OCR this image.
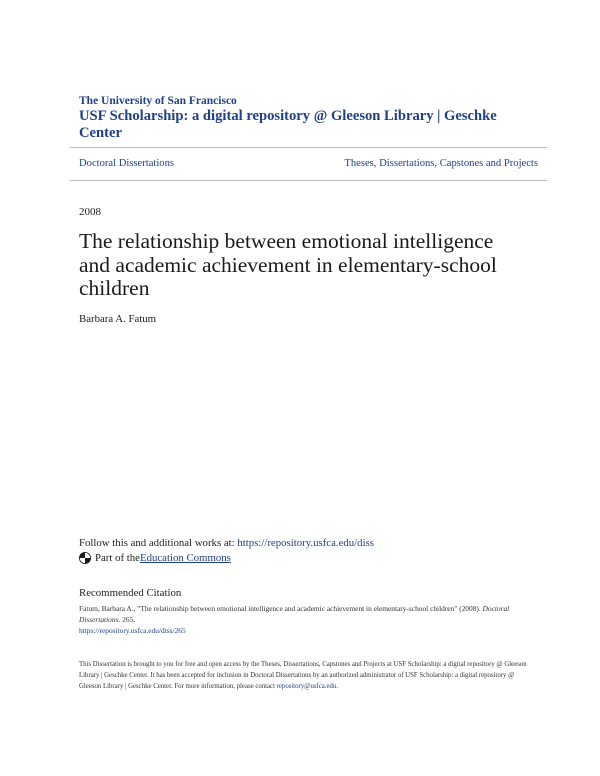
The University of San Francisco
USF Scholarship: a digital repository @ Gleeson Library | Geschke Center
Doctoral Dissertations	Theses, Dissertations, Capstones and Projects
2008
The relationship between emotional intelligence and academic achievement in elementary-school children
Barbara A. Fatum
Follow this and additional works at: https://repository.usfca.edu/diss
Part of the Education Commons
Recommended Citation
Fatum, Barbara A., "The relationship between emotional intelligence and academic achievement in elementary-school children" (2008). Doctoral Dissertations. 265.
https://repository.usfca.edu/diss/265
This Dissertation is brought to you for free and open access by the Theses, Dissertations, Capstones and Projects at USF Scholarship: a digital repository @ Gleeson Library | Geschke Center. It has been accepted for inclusion in Doctoral Dissertations by an authorized administrator of USF Scholarship: a digital repository @ Gleeson Library | Geschke Center. For more information, please contact repository@usfca.edu.
